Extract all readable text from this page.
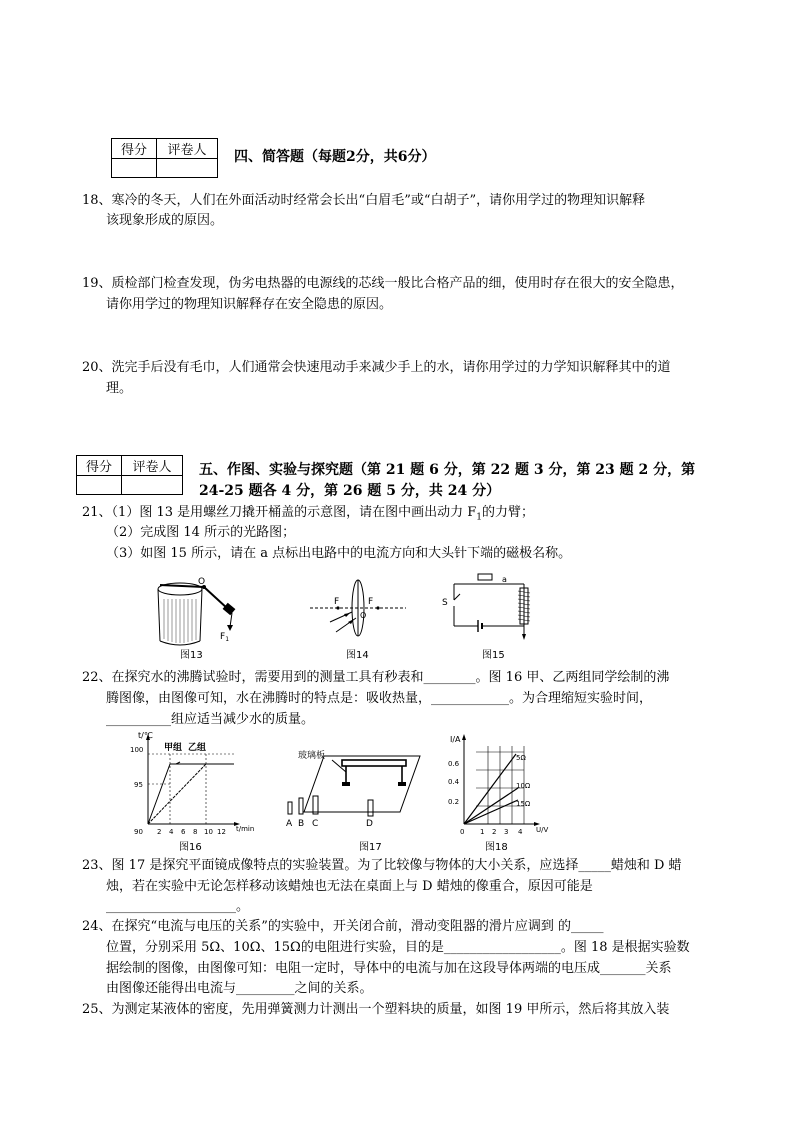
得分	评卷人
	四、简答题（每题2分，共6分）
18、寒冷的冬天，人们在外面活动时经常会长出“白眉毛”或“白胡子”，请你用学过的物理知识解释
该现象形成的原因。
19、质检部门检查发现，伪劣电热器的电源线的芯线一般比合格产品的细，使用时存在很大的安全隐患，
请你用学过的物理知识解释存在安全隐患的原因。
20、洗完手后没有毛巾，人们通常会快速甩动手来减少手上的水，请你用学过的力学知识解释其中的道
理。
得分	评卷人
	五、作图、实验与探究题（第 21 题 6 分，第 22 题 3 分，第 23 题 2 分，第
24-25 题各 4 分，第 26 题 5 分，共 24 分）
21、（1）图 13 是用螺丝刀撬开桶盖的示意图，请在图中画出动力 $F_1$的力臂；
（2）完成图 14 所示的光路图；
（3）如图 15 所示，请在 a 点标出电路中的电流方向和大头针下端的磁极名称。
O
$F_1$
图13
F	F
O
图14
S
a
图15
22、在探究水的沸腾试验时，需要用到的测量工具有秒表和________。图 16 甲、乙两组同学绘制的沸
腾图像，由图像可知，水在沸腾时的特点是：吸收热量，____________。为合理缩短实验时间，
__________组应适当减少水的质量。
t/℃
t/min
甲组 乙组
100
95
90 2 4 6 8 10 12
图16
玻璃板
A B C	D
图17
I/A
U/V
0.6
0.4
0.2
0 1 2 3 4
5Ω
10Ω
15Ω
图18
23、图 17 是探究平面镜成像特点的实验装置。为了比较像与物体的大小关系，应选择_____蜡烛和 D 蜡
烛，若在实验中无论怎样移动该蜡烛也无法在桌面上与 D 蜡烛的像重合，原因可能是
____________________。
24、在探究“电流与电压的关系”的实验中，开关闭合前，滑动变阻器的滑片应调到 的_____
位置，分别采用 5Ω、10Ω、15Ω的电阻进行实验，目的是__________________。图 18 是根据实验数
据绘制的图像，由图像可知：电阻一定时，导体中的电流与加在这段导体两端的电压成_______关系
由图像还能得出电流与_________之间的关系。
25、为测定某液体的密度，先用弹簧测力计测出一个塑料块的质量，如图 19 甲所示，然后将其放入装
